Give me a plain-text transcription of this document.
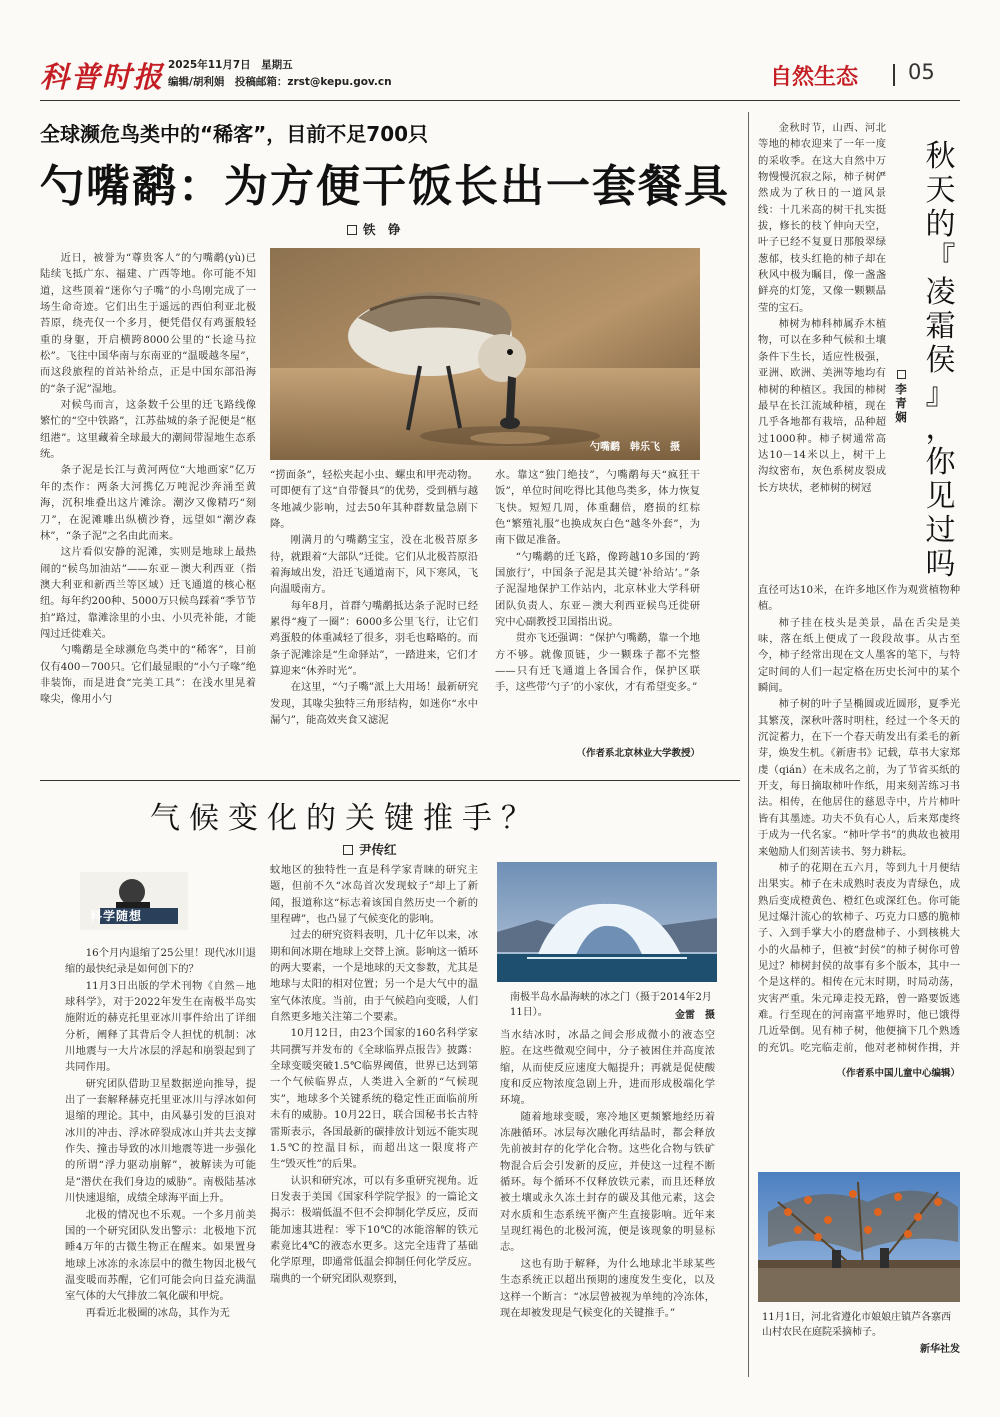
科普时报 2025年11月7日　星期五
编辑/胡利娟　投稿邮箱：zrst@kepu.gov.cn	自然生态 05
全球濒危鸟类中的“稀客”，目前不足700只
勺嘴鹬：为方便干饭长出一套餐具
铁　铮
勺嘴鹬　韩乐飞　摄

近日，被誉为“尊贵客人”的勺嘴鹬(yù)已陆续飞抵广东、福建、广西等地。你可能不知道，这些顶着“迷你勺子嘴”的小鸟刚完成了一场生命奇迹。它们出生于遥远的西伯利亚北极苔原，绕壳仅一个多月，便凭借仅有鸡蛋般轻重的身躯，开启横跨8000公里的“长途马拉松”。飞往中国华南与东南亚的“温暖越冬屋”，而这段旅程的首站补给点，正是中国东部沿海的“条子泥”湿地。

对候鸟而言，这条数千公里的迁飞路线像繁忙的“空中铁路”，江苏盐城的条子泥便是“枢纽港”。这里藏着全球最大的潮间带湿地生态系统。

条子泥是长江与黄河两位“大地画家”亿万年的杰作：两条大河携亿万吨泥沙奔涌至黄海，沉积堆叠出这片滩涂。潮汐又像精巧“刻刀”，在泥滩雕出纵横沙脊，远望如“潮汐森林”，“条子泥”之名由此而来。

这片看似安静的泥滩，实则是地球上最热闹的“候鸟加油站”——东亚－澳大利西亚（指澳大利亚和新西兰等区域）迁飞通道的核心枢纽。每年约200种、5000万只候鸟踩着“季节节拍”路过，靠滩涂里的小虫、小贝壳补能，才能闯过迁徙难关。

勺嘴鹬是全球濒危鸟类中的“稀客”，目前仅有400－700只。它们最显眼的“小勺子喙”绝非装饰，而是进食“完美工具”：在浅水里晃着喙尖，像用小勺

“捞面条”，轻松夹起小虫、螺虫和甲壳动物。可即便有了这“自带餐具”的优势，受到栖与越冬地减少影响，过去50年其种群数量急剧下降。

刚满月的勺嘴鹬宝宝，没在北极苔原多待，就跟着“大部队”迁徙。它们从北极苔原沿着海域出发，沿迁飞通道南下，风下寒风，飞向温暖南方。

每年8月，首群勺嘴鹬抵达条子泥时已经累得“瘦了一圈”：6000多公里飞行，让它们鸡蛋般的体重减轻了很多，羽毛也略略的。而条子泥滩涂是“生命驿站”，一踏进来，它们才算迎来“休养时光”。

在这里，“勺子嘴”派上大用场！最新研究发现，其喙尖独特三角形结构，如迷你“水中漏勺”，能高效夹食又滤泥

水。靠这“独门绝技”，勺嘴鹬每天“疯狂干饭”，单位时间吃得比其他鸟类多，体力恢复飞快。短短几周，体重翻倍，磨损的红棕色“繁殖礼服”也换成灰白色“越冬外套”，为南下做足准备。

“勺嘴鹬的迁飞路，像跨越10多国的‘跨国旅行’，中国条子泥是其关键‘补给站’。”条子泥湿地保护工作站内，北京林业大学科研团队负责人、东亚－澳大利西亚候鸟迁徙研究中心副教授卫国指出说。

贯亦飞还强调：“保护勺嘴鹬，靠一个地方不够。就像顶链，少一颗珠子都不完整——只有迁飞通道上各国合作，保护区联手，这些带‘勺子’的小家伙，才有希望变多。”

（作者系北京林业大学教授）
气候变化的关键推手？
尹传红
科学随想

16个月内退缩了25公里！现代冰川退缩的最快纪录是如何创下的？

11月3日出版的学术刊物《自然－地球科学》，对于2022年发生在南极半岛实施附近的赫克托里亚冰川事件给出了详细分析，阐释了其背后令人担忧的机制：冰川地震与一大片冰层的浮起和崩裂起到了共同作用。

研究团队借助卫星数据逆向推导，提出了一套解释赫克托里亚冰川与浮冰如何退缩的理论。其中，由风暴引发的巨浪对冰川的冲击、浮冰碎裂成冰山并共去支撑作失、撞击导致的冰川地震等进一步强化的所谓“浮力驱动崩解”，被解读为可能是“潜伏在我们身边的威胁”。南极陆基冰川快速退缩，成绩全球海平面上升。

北极的情况也不乐观。一个多月前美国的一个研究团队发出警示：北极地下沉睡4万年的古微生物正在醒来。如果置身地球上冰冻的永冻层中的微生物因北极气温变暖而苏醒，它们可能会向日益充满温室气体的大气排放二氧化碳和甲烷。

再看近北极圈的冰岛，其作为无

蚊地区的独特性一直是科学家青睐的研究主题，但前不久“冰岛首次发现蚊子”却上了新闻，报道称这“标志着该国自然历史一个新的里程碑”，也凸显了气候变化的影响。

过去的研究资料表明，几十亿年以来，冰期和间冰期在地球上交替上演。影响这一循环的两大要素，一个是地球的天文参数，尤其是地球与太阳的相对位置；另一个是大气中的温室气体浓度。当前，由于气候趋向变暖，人们自然更多地关注第二个要素。

10月12日，由23个国家的160名科学家共同撰写并发布的《全球临界点报告》披露：全球变暖突破1.5℃临界阈值，世界已达到第一个气候临界点，人类进入全新的“气候现实”，地球多个关键系统的稳定性正面临前所未有的威胁。10月22日，联合国秘书长古特雷斯表示，各国最新的碳排放计划远不能实现1.5℃的控温目标，而超出这一限度将产生“毁灭性”的后果。

认识和研究冰，可以有多重研究视角。近日发表于美国《国家科学院学报》的一篇论文揭示：极端低温不但不会抑制化学反应，反而能加速其进程：零下10℃的冰能溶解的铁元素竟比4℃的液态水更多。这完全违背了基础化学原理，即通常低温会抑制任何化学反应。瑞典的一个研究团队观察到，

南极半岛水晶海峡的冰之门（摄于2014年2月11日）。	金雷　摄

当水结冰时，冰晶之间会形成微小的液态空腔。在这些微观空间中，分子被困住并高度浓缩，从而使反应速度大幅提升；再就是促使酸度和反应物浓度急剧上升，进而形成极端化学环境。

随着地球变暖，寒冷地区更频繁地经历着冻融循环。冰层每次融化再结晶时，都会释放先前被封存的化学化合物。这些化合物与铁矿物混合后会引发新的反应，并使这一过程不断循环。每个循环不仅释放铁元素，而且还释放被土壤或永久冻土封存的碳及其他元素，这会对水质和生态系统平衡产生直接影响。近年来呈现红褐色的北极河流，便是该现象的明显标志。

这也有助于解释，为什么地球北半球某些生态系统正以超出预期的速度发生变化，以及这样一个断言：“冰层曾被视为单纯的冷冻体，现在却被发现是气候变化的关键推手。”

秋
天
的
『
凌
霜
侯
』
，
你
见
过
吗
李
青
娴

金秋时节，山西、河北等地的柿农迎来了一年一度的采收季。在这大自然中万物慢慢沉寂之际，柿子树俨然成为了秋日的一道风景线：十几米高的树干扎实挺拔，修长的枝丫伸向天空，叶子已经不复夏日那般翠绿葱郁，枝头红艳的柿子却在秋风中极为瞩目，像一盏盏鲜亮的灯笼，又像一颗颗晶莹的宝石。

柿树为柿科柿属乔木植物，可以在多种气候和土壤条件下生长，适应性极强，亚洲、欧洲、美洲等地均有柿树的种植区。我国的柿树最早在长江流域种植，现在几乎各地都有栽培，品种超过1000种。柿子树通常高达10－14米以上，树干上沟纹密布，灰色系树皮裂成长方块状，老柿树的树冠

直径可达10米，在许多地区作为观赏植物种植。

柿子挂在枝头是美景，晶在舌尖是美味，落在纸上便成了一段段故事。从古至今，柿子经常出现在文人墨客的笔下，与特定时间的人们一起定格在历史长河中的某个瞬间。

柿子树的叶子呈椭圆或近圆形，夏季光其繁茂，深秋叶落时明柱，经过一个冬天的沉淀蓄力，在下一个春天萌发出有柔毛的新芽，焕发生机。《新唐书》记载，草书大家郑虔（qián）在未成名之前，为了节省买纸的开支，每日摘取柿叶作纸，用来刻苦练习书法。相传，在他居住的慈恩寺中，片片柿叶皆有其墨迹。功夫不负有心人，后来郑虔终于成为一代名家。“柿叶学书”的典故也被用来勉励人们刻苦读书、努力耕耘。

柿子的花期在五六月，等到九十月便结出果实。柿子在未成熟时表皮为青绿色，成熟后变成橙黄色、橙红色或深红色。你可能见过爆汁流心的软柿子、巧克力口感的脆柿子、入到手掌大小的磨盘柿子、小到核桃大小的火晶柿子，但被“封侯”的柿子树你可曾见过？柿树封侯的故事有多个版本，其中一个是这样的。相传在元末时期，时局动荡，灾害严重。朱元璋走投无路，曾一路要饭逃难。行至现在的河南富平地界时，他已饿得几近晕倒。见有柿子树，他便摘下几个熟透的充饥。吃完临走前，他对老柿树作揖，并

（作者系中国儿童中心编辑）
11月1日，河北省遵化市娘娘庄镇芦各寨西山村农民在庭院采摘柿子。
新华社发
